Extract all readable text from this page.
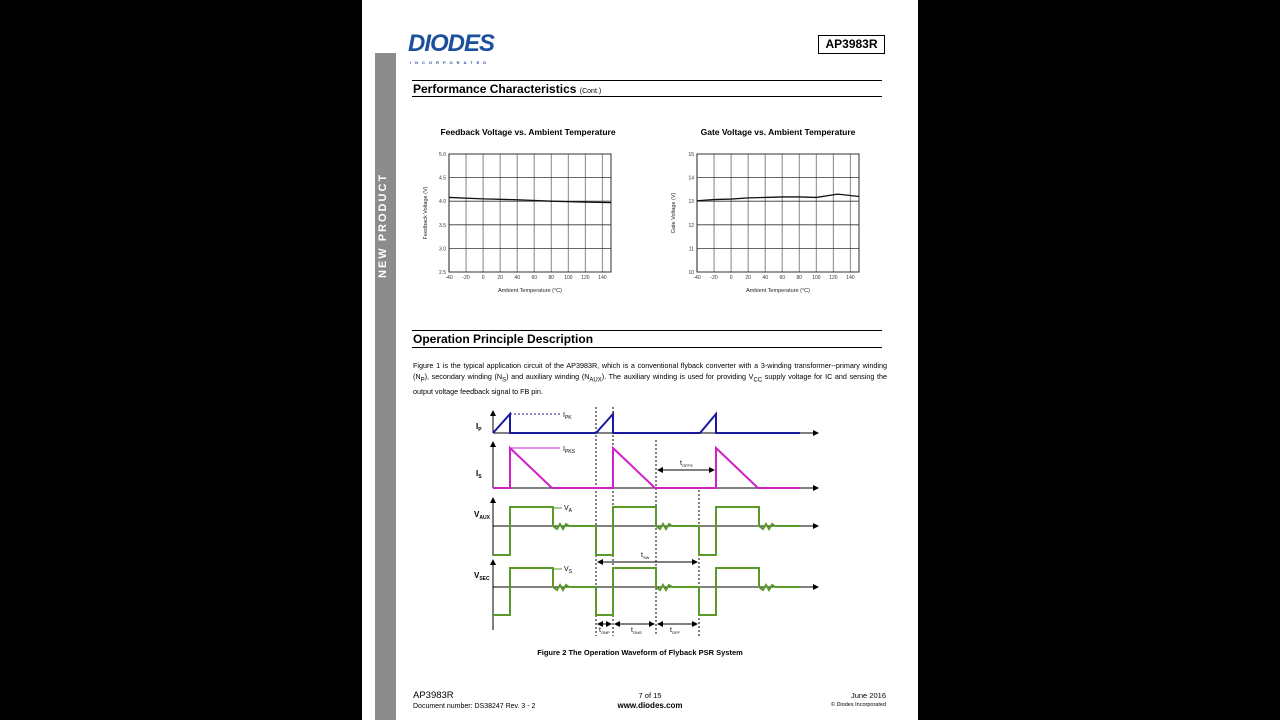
NEW PRODUCT
DIODES
INCORPORATED
AP3983R
Performance Characteristics (Cont.)
Feedback Voltage vs. Ambient Temperature	Gate Voltage vs. Ambient Temperature
-40 -20 0	20 40 60 80 100 120 140
2.5
3.0
3.5
4.0
4.5
5.0
Ambient Temperature (°C)
Feedback Voltage (V)
-40 -20 0	20 40 60 80 100 120 140
10
11
12
13
14
15
Ambient Temperature (°C)
Gate Voltage (V)
Operation Principle Description
Figure 1 is the typical application circuit of the AP3983R, which is a conventional flyback converter with a 3-winding transformer--primary winding $(N_P)$, secondary winding $(N_S)$ and auxiliary winding $(N_{AUX})$. The auxiliary winding is used for providing $V_{CC}$ supply voltage for IC and sensing the output voltage feedback signal to FB pin.
$I_P$
$I_S$
$V_{AUX}$
$V_{SEC}$
$I_{PK}$
$I_{PKS}$
$V_A$
$V_S$
$t_{OFFS}$
$t_{SW}$
$t_{ONP}$	$t_{ONS}$	$t_{OFF}$
Figure 2 The Operation Waveform of Flyback PSR System
AP3983R
Document number: DS38247 Rev. 3 - 2
7 of 15
www.diodes.com
June 2016
© Diodes Incorporated
